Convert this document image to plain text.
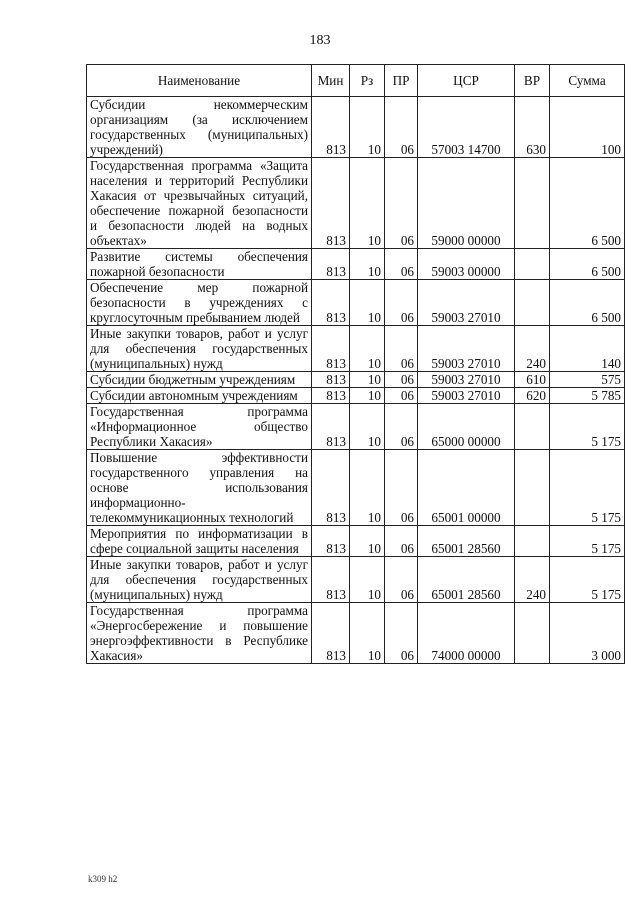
183
Наименование	Мин	Рз	ПР	ЦСР	ВР	Сумма
Субсидии некоммерческим организациям (за исключением государственных (муниципальных) учреждений)	813	10	06	57003 14700	630	100
Государственная программа «Защита населения и территорий Республики Хакасия от чрезвычайных ситуаций, обеспечение пожарной безопасности и безопасности людей на водных объектах»	813	10	06	59000 00000		6 500
Развитие системы обеспечения пожарной безопасности	813	10	06	59003 00000		6 500
Обеспечение мер пожарной безопасности в учреждениях с круглосуточным пребыванием людей	813	10	06	59003 27010		6 500
Иные закупки товаров, работ и услуг для обеспечения государственных (муниципальных) нужд	813	10	06	59003 27010	240	140
Субсидии бюджетным учреждениям	813	10	06	59003 27010	610	575
Субсидии автономным учреждениям	813	10	06	59003 27010	620	5 785
Государственная программа «Информационное общество Республики Хакасия»	813	10	06	65000 00000		5 175
Повышение эффективности государственного управления на основе использования информационно-телекоммуникационных технологий	813	10	06	65001 00000		5 175
Мероприятия по информатизации в сфере социальной защиты населения	813	10	06	65001 28560		5 175
Иные закупки товаров, работ и услуг для обеспечения государственных (муниципальных) нужд	813	10	06	65001 28560	240	5 175
Государственная программа «Энергосбережение и повышение энергоэффективности в Республике Хакасия»	813	10	06	74000 00000		3 000
k309 h2
